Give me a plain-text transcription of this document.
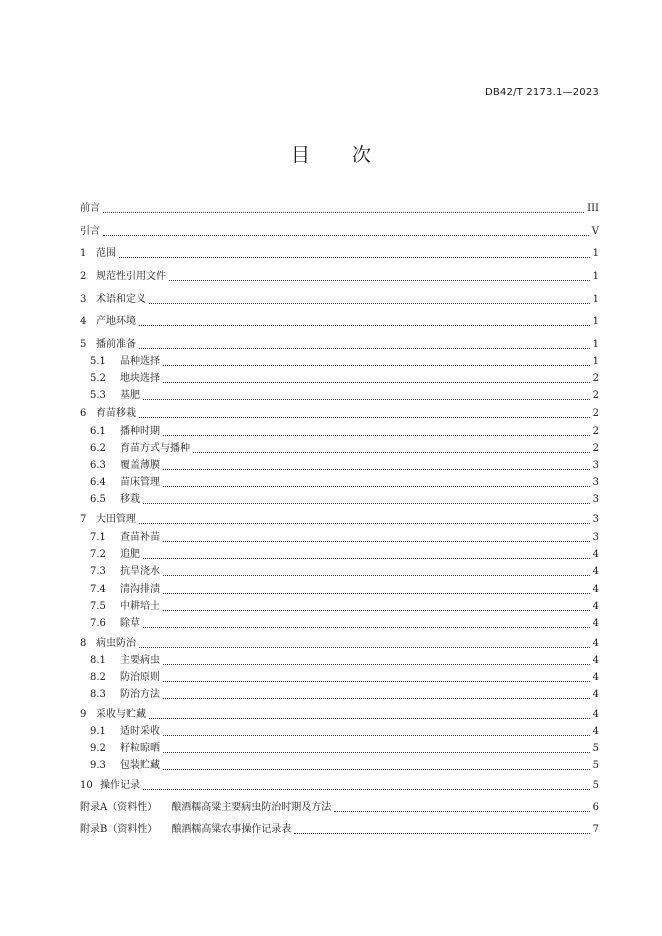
DB42/T 2173.1—2023
目 次
前言	III
引言	V
1 范围	1
2 规范性引用文件	1
3 术语和定义	1
4 产地环境	1
5 播前准备	1
5.1	品种选择	1
5.2	地块选择	2
5.3	基肥	2
6 育苗移栽	2
6.1	播种时期	2
6.2	育苗方式与播种	2
6.3	覆盖薄膜	3
6.4	苗床管理	3
6.5	移栽	3
7 大田管理	3
7.1	查苗补苗	3
7.2	追肥	4
7.3	抗旱浇水	4
7.4	清沟排渍	4
7.5	中耕培土	4
7.6	除草	4
8 病虫防治	4
8.1	主要病虫	4
8.2	防治原则	4
8.3	防治方法	4
9 采收与贮藏	4
9.1	适时采收	4
9.2	籽粒晾晒	5
9.3	包装贮藏	5
10 操作记录	5
附录A（资料性） 酿酒糯高粱主要病虫防治时期及方法	6
附录B（资料性） 酿酒糯高粱农事操作记录表	7
